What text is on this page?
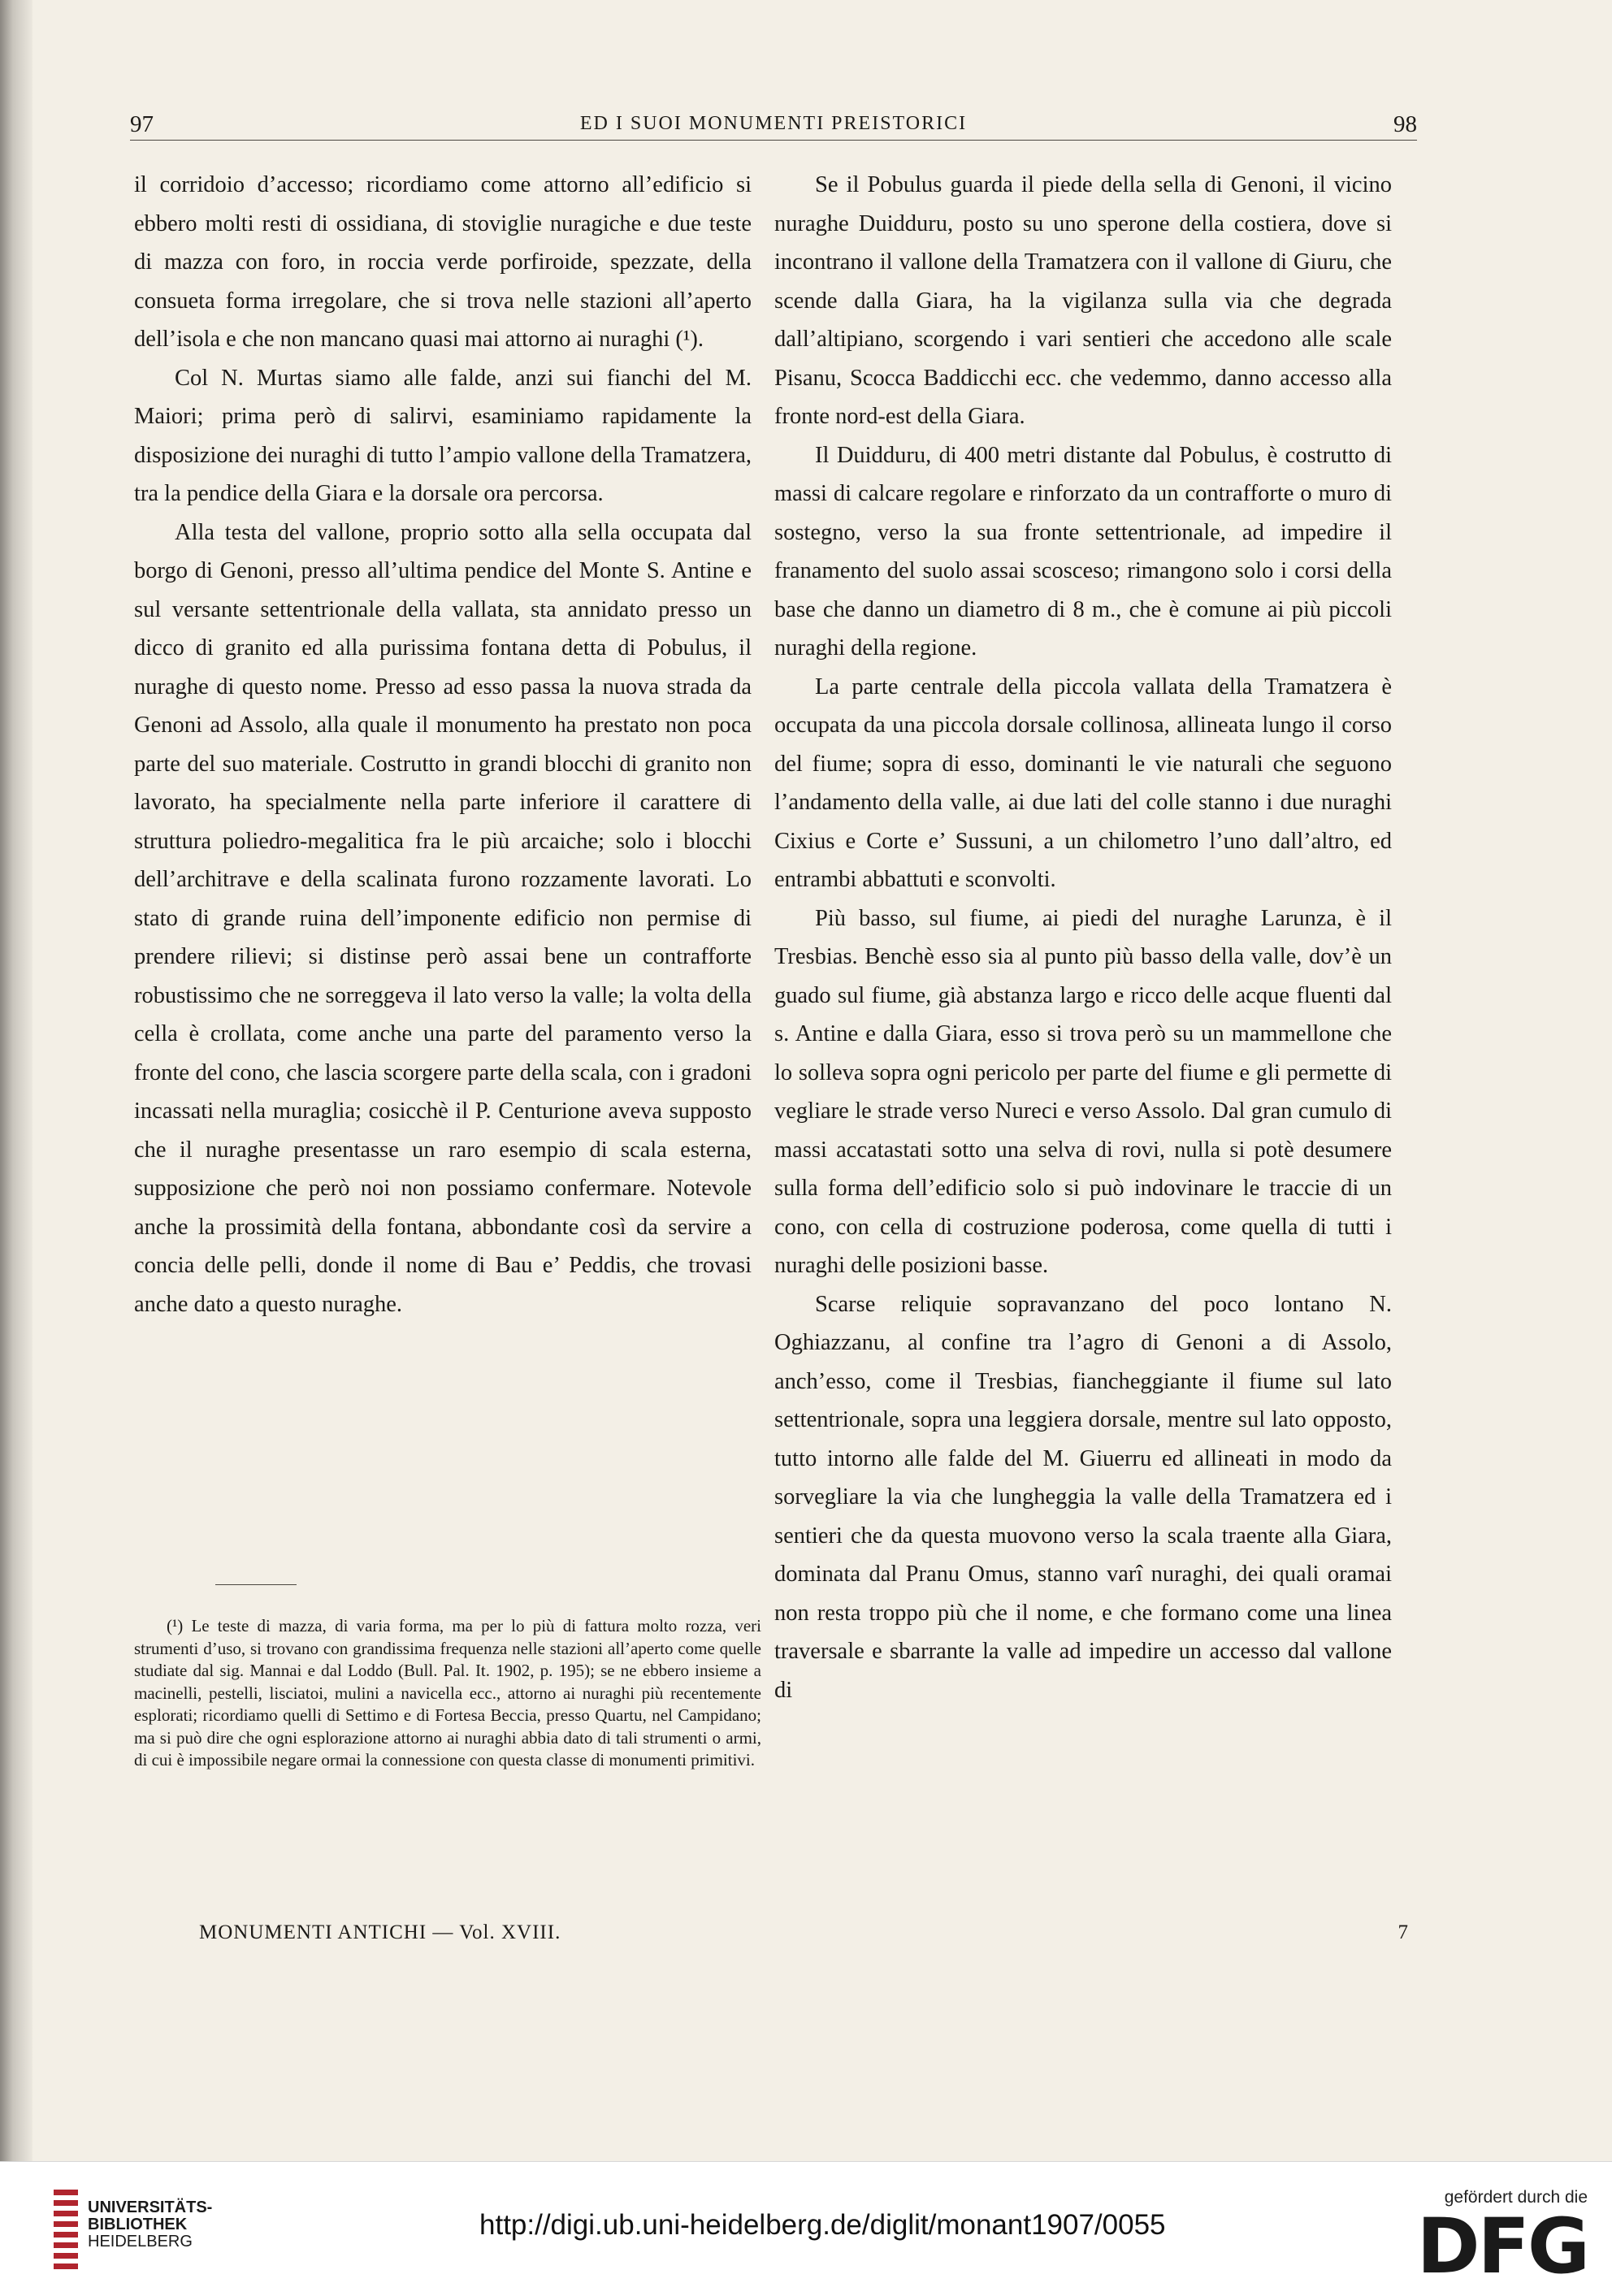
97	ED I SUOI MONUMENTI PREISTORICI	98

il corridoio d’accesso; ricordiamo come attorno all’edificio si ebbero molti resti di ossidiana, di stoviglie nuragiche e due teste di mazza con foro, in roccia verde porfiroide, spezzate, della consueta forma irregolare, che si trova nelle stazioni all’aperto dell’isola e che non mancano quasi mai attorno ai nuraghi (¹).

Col N. Murtas siamo alle falde, anzi sui fianchi del M. Maiori; prima però di salirvi, esaminiamo rapidamente la disposizione dei nuraghi di tutto l’ampio vallone della Tramatzera, tra la pendice della Giara e la dorsale ora percorsa.

Alla testa del vallone, proprio sotto alla sella occupata dal borgo di Genoni, presso all’ultima pendice del Monte S. Antine e sul versante settentrionale della vallata, sta annidato presso un dicco di granito ed alla purissima fontana detta di Pobulus, il nuraghe di questo nome. Presso ad esso passa la nuova strada da Genoni ad Assolo, alla quale il monumento ha prestato non poca parte del suo materiale. Costrutto in grandi blocchi di granito non lavorato, ha specialmente nella parte inferiore il carattere di struttura poliedro-megalitica fra le più arcaiche; solo i blocchi dell’architrave e della scalinata furono rozzamente lavorati. Lo stato di grande ruina dell’imponente edificio non permise di prendere rilievi; si distinse però assai bene un contrafforte robustissimo che ne sorreggeva il lato verso la valle; la volta della cella è crollata, come anche una parte del paramento verso la fronte del cono, che lascia scorgere parte della scala, con i gradoni incassati nella muraglia; cosicchè il P. Centurione aveva supposto che il nuraghe presentasse un raro esempio di scala esterna, supposizione che però noi non possiamo confermare. Notevole anche la prossimità della fontana, abbondante così da servire a concia delle pelli, donde il nome di Bau e’ Peddis, che trovasi anche dato a questo nuraghe.

(¹) Le teste di mazza, di varia forma, ma per lo più di fattura molto rozza, veri strumenti d’uso, si trovano con grandissima frequenza nelle stazioni all’aperto come quelle studiate dal sig. Mannai e dal Loddo (Bull. Pal. It. 1902, p. 195); se ne ebbero insieme a macinelli, pestelli, lisciatoi, mulini a navicella ecc., attorno ai nuraghi più recentemente esplorati; ricordiamo quelli di Settimo e di Fortesa Beccia, presso Quartu, nel Campidano; ma si può dire che ogni esplorazione attorno ai nuraghi abbia dato di tali strumenti o armi, di cui è impossibile negare ormai la connessione con questa classe di monumenti primitivi.

Se il Pobulus guarda il piede della sella di Genoni, il vicino nuraghe Duidduru, posto su uno sperone della costiera, dove si incontrano il vallone della Tramatzera con il vallone di Giuru, che scende dalla Giara, ha la vigilanza sulla via che degrada dall’altipiano, scorgendo i vari sentieri che accedono alle scale Pisanu, Scocca Baddicchi ecc. che vedemmo, danno accesso alla fronte nord-est della Giara.

Il Duidduru, di 400 metri distante dal Pobulus, è costrutto di massi di calcare regolare e rinforzato da un contrafforte o muro di sostegno, verso la sua fronte settentrionale, ad impedire il franamento del suolo assai scosceso; rimangono solo i corsi della base che danno un diametro di 8 m., che è comune ai più piccoli nuraghi della regione.

La parte centrale della piccola vallata della Tramatzera è occupata da una piccola dorsale collinosa, allineata lungo il corso del fiume; sopra di esso, dominanti le vie naturali che seguono l’andamento della valle, ai due lati del colle stanno i due nuraghi Cixius e Corte e’ Sussuni, a un chilometro l’uno dall’altro, ed entrambi abbattuti e sconvolti.

Più basso, sul fiume, ai piedi del nuraghe Larunza, è il Tresbias. Benchè esso sia al punto più basso della valle, dov’è un guado sul fiume, già abstanza largo e ricco delle acque fluenti dal s. Antine e dalla Giara, esso si trova però su un mammellone che lo solleva sopra ogni pericolo per parte del fiume e gli permette di vegliare le strade verso Nureci e verso Assolo. Dal gran cumulo di massi accatastati sotto una selva di rovi, nulla si potè desumere sulla forma dell’edificio solo si può indovinare le traccie di un cono, con cella di costruzione poderosa, come quella di tutti i nuraghi delle posizioni basse.

Scarse reliquie sopravanzano del poco lontano N. Oghiazzanu, al confine tra l’agro di Genoni a di Assolo, anch’esso, come il Tresbias, fiancheggiante il fiume sul lato settentrionale, sopra una leggiera dorsale, mentre sul lato opposto, tutto intorno alle falde del M. Giuerru ed allineati in modo da sorvegliare la via che lungheggia la valle della Tramatzera ed i sentieri che da questa muovono verso la scala traente alla Giara, dominata dal Pranu Omus, stanno varî nuraghi, dei quali oramai non resta troppo più che il nome, e che formano come una linea traversale e sbarrante la valle ad impedire un accesso dal vallone di

MONUMENTI ANTICHI — Vol. XVIII.	7
UNIVERSITÄTS-
BIBLIOTHEK
HEIDELBERG
http://digi.ub.uni-heidelberg.de/diglit/monant1907/0055
gefördert durch die
DFG
